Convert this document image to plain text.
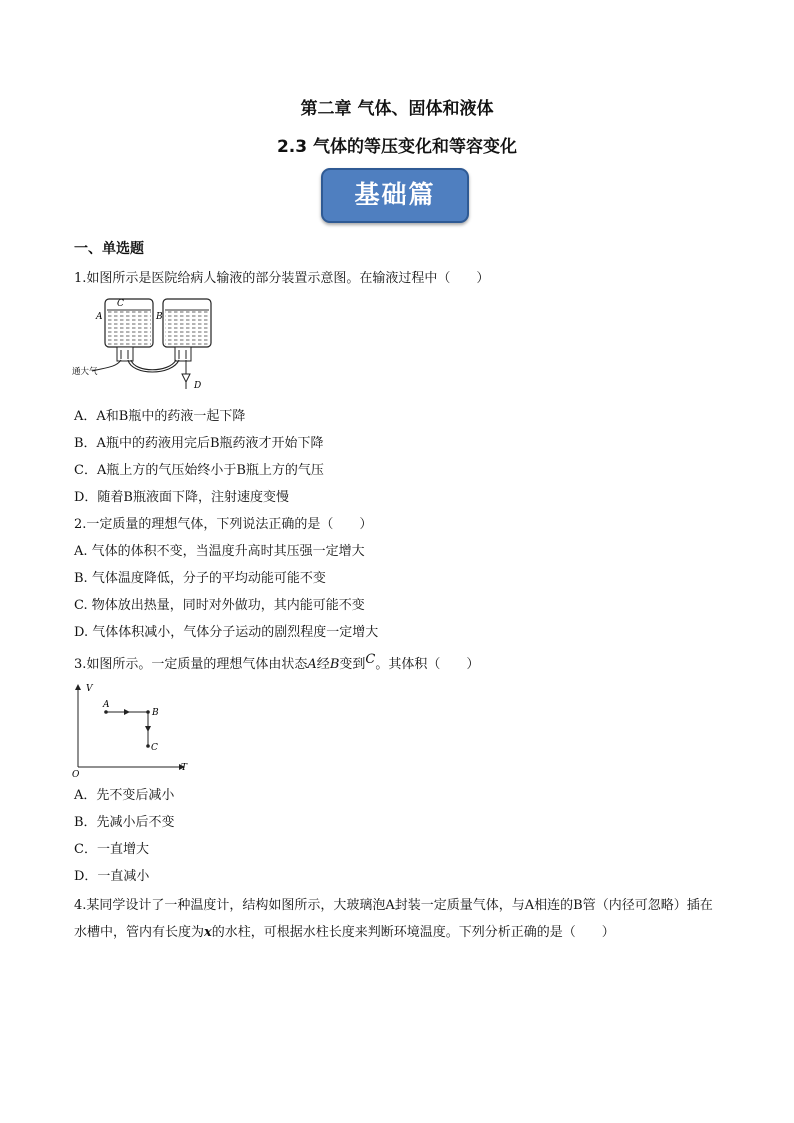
第二章 气体、固体和液体
2.3 气体的等压变化和等容变化
基础篇
一、单选题
1.如图所示是医院给病人输液的部分装置示意图。在输液过程中（　　）
C
A	B
D
通大气
A．A和B瓶中的药液一起下降
B．A瓶中的药液用完后B瓶药液才开始下降
C．A瓶上方的气压始终小于B瓶上方的气压
D．随着B瓶液面下降，注射速度变慢
2.一定质量的理想气体，下列说法正确的是（　　）
A. 气体的体积不变，当温度升高时其压强一定增大
B. 气体温度降低，分子的平均动能可能不变
C. 物体放出热量，同时对外做功，其内能可能不变
D. 气体体积减小，气体分子运动的剧烈程度一定增大
3.如图所示。一定质量的理想气体由状态A经B变到C。其体积（　　）
V
T
O
A
B
C
A．先不变后减小
B．先减小后不变
C．一直增大
D．一直减小
4.某同学设计了一种温度计，结构如图所示，大玻璃泡A封装一定质量气体，与A相连的B管（内径可忽略）插在水槽中，管内有长度为x的水柱，可根据水柱长度来判断环境温度。下列分析正确的是（　　）
